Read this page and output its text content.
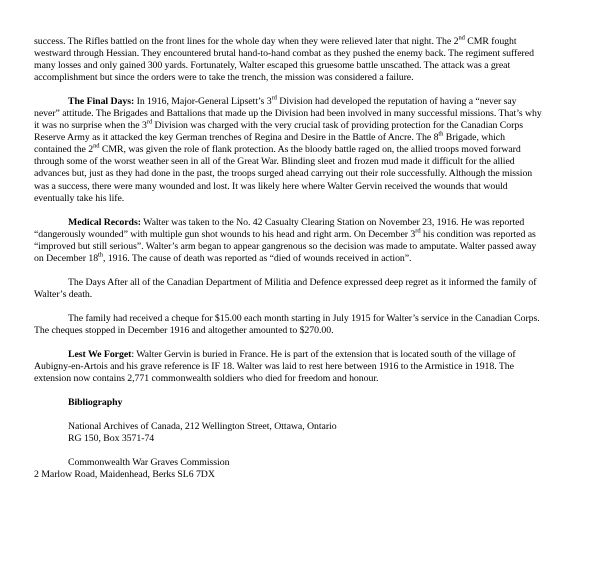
success. The Rifles battled on the front lines for the whole day when they were relieved later that night. The 2nd CMR fought westward through Hessian. They encountered brutal hand-to-hand combat as they pushed the enemy back. The regiment suffered many losses and only gained 300 yards. Fortunately, Walter escaped this gruesome battle unscathed. The attack was a great accomplishment but since the orders were to take the trench, the mission was considered a failure.

The Final Days: In 1916, Major-General Lipsett’s 3rd Division had developed the reputation of having a “never say never” attitude. The Brigades and Battalions that made up the Division had been involved in many successful missions. That’s why it was no surprise when the 3rd Division was charged with the very crucial task of providing protection for the Canadian Corps Reserve Army as it attacked the key German trenches of Regina and Desire in the Battle of Ancre. The 8th Brigade, which contained the 2nd CMR, was given the role of flank protection. As the bloody battle raged on, the allied troops moved forward through some of the worst weather seen in all of the Great War. Blinding sleet and frozen mud made it difficult for the allied advances but, just as they had done in the past, the troops surged ahead carrying out their role successfully. Although the mission was a success, there were many wounded and lost. It was likely here where Walter Gervin received the wounds that would eventually take his life.

Medical Records: Walter was taken to the No. 42 Casualty Clearing Station on November 23, 1916. He was reported “dangerously wounded” with multiple gun shot wounds to his head and right arm. On December 3rd his condition was reported as “improved but still serious”. Walter’s arm began to appear gangrenous so the decision was made to amputate. Walter passed away on December 18th, 1916. The cause of death was reported as “died of wounds received in action”.

The Days After all of the Canadian Department of Militia and Defence expressed deep regret as it informed the family of Walter’s death.

The family had received a cheque for $15.00 each month starting in July 1915 for Walter’s service in the Canadian Corps. The cheques stopped in December 1916 and altogether amounted to $270.00.

Lest We Forget: Walter Gervin is buried in France. He is part of the extension that is located south of the village of Aubigny-en-Artois and his grave reference is IF 18. Walter was laid to rest here between 1916 to the Armistice in 1918. The extension now contains 2,771 commonwealth soldiers who died for freedom and honour.

Bibliography
National Archives of Canada, 212 Wellington Street, Ottawa, Ontario
RG 150, Box 3571-74
Commonwealth War Graves Commission
2 Marlow Road, Maidenhead, Berks SL6 7DX
